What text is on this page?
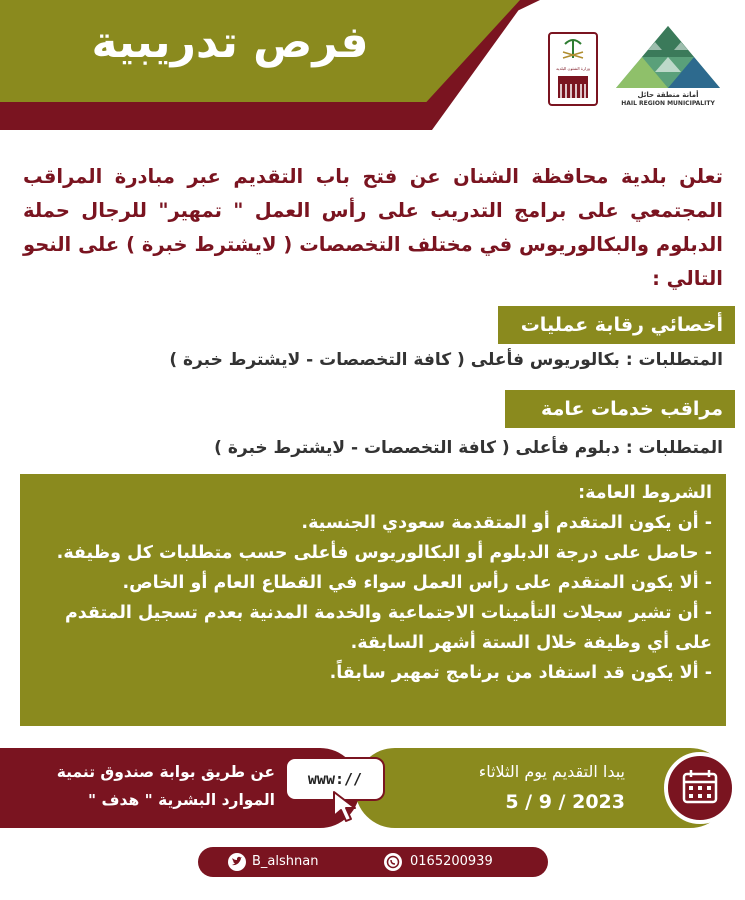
فرص تدريبية
وزارة الشئون البلدية
أمانة منطقة حائل
HAIL REGION MUNICIPALITY
تعلن بلدية محافظة الشنان عن فتح باب التقديم عبر مبادرة المراقب المجتمعي على برامج التدريب على رأس العمل " تمهير" للرجال حملة الدبلوم والبكالوريوس في مختلف التخصصات ( لايشترط خبرة ) على النحو التالي :
أخصائي رقابة عمليات
المتطلبات : بكالوريوس فأعلى ( كافة التخصصات - لايشترط خبرة )
مراقب خدمات عامة
المتطلبات : دبلوم فأعلى ( كافة التخصصات - لايشترط خبرة )
الشروط العامة:
- أن يكون المتقدم أو المتقدمة سعودي الجنسية.
- حاصل على درجة الدبلوم أو البكالوريوس فأعلى حسب متطلبات كل وظيفة.
- ألا يكون المتقدم على رأس العمل سواء في القطاع العام أو الخاص.
- أن تشير سجلات التأمينات الاجتماعية والخدمة المدنية بعدم تسجيل المتقدم على أي وظيفة خلال الستة أشهر السابقة.
- ألا يكون قد استفاد من برنامج تمهير سابقاً.
عن طريق بوابة صندوق تنمية
الموارد البشرية " هدف "
www://	يبدا التقديم يوم الثلاثاء
5 / 9 / 2023
B_alshnan	0165200939
